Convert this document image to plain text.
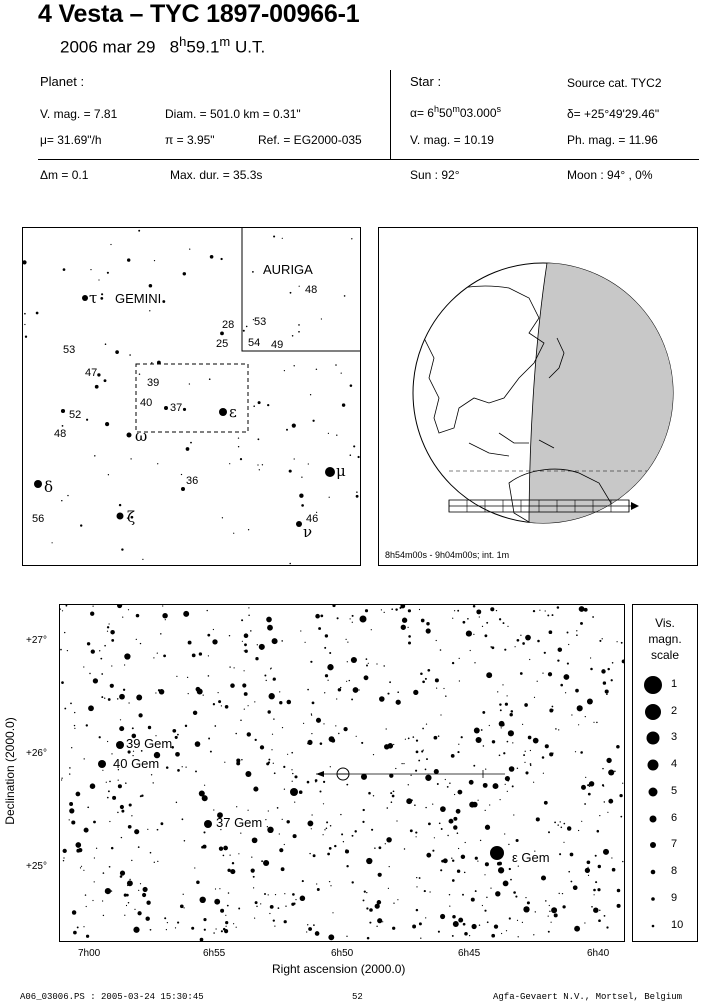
4 Vesta – TYC 1897-00966-1
2006 mar 29 8$^h$59.1$^m$ U.T.
Planet :
V. mag. = 7.81	Diam. = 501.0 km = 0.31"
μ= 31.69"/h	π = 3.95"	Ref. = EG2000-035
Star :	Source cat. TYC2
$\alpha= 6^h50^m03.000^s$	δ= +25°49'29.46"
V. mag. = 10.19	Ph. mag. = 11.96
Δm = 0.1	Max. dur. = 35.3s	Sun : 92°	Moon : 94° , 0%
GEMINI
AURIGA
τ
53
47
52
48	ω
39
40 37	ε
28
25
53
54 49
48
36
μ
δ
56	ζ	46
ν
8h54m00s - 9h04m00s; int. 1m
39 Gem
40 Gem
37 Gem
ε Gem
+27°
+26°
+25°
7h00	6h55	6h50	6h45	6h40
Right ascension (2000.0)
Declination (2000.0)
Vis.
magn.
scale
1
2
3
4
5
6
7
8
9
10
A06_03006.PS : 2005-03-24 15:30:45	52	Agfa-Gevaert N.V., Mortsel, Belgium
